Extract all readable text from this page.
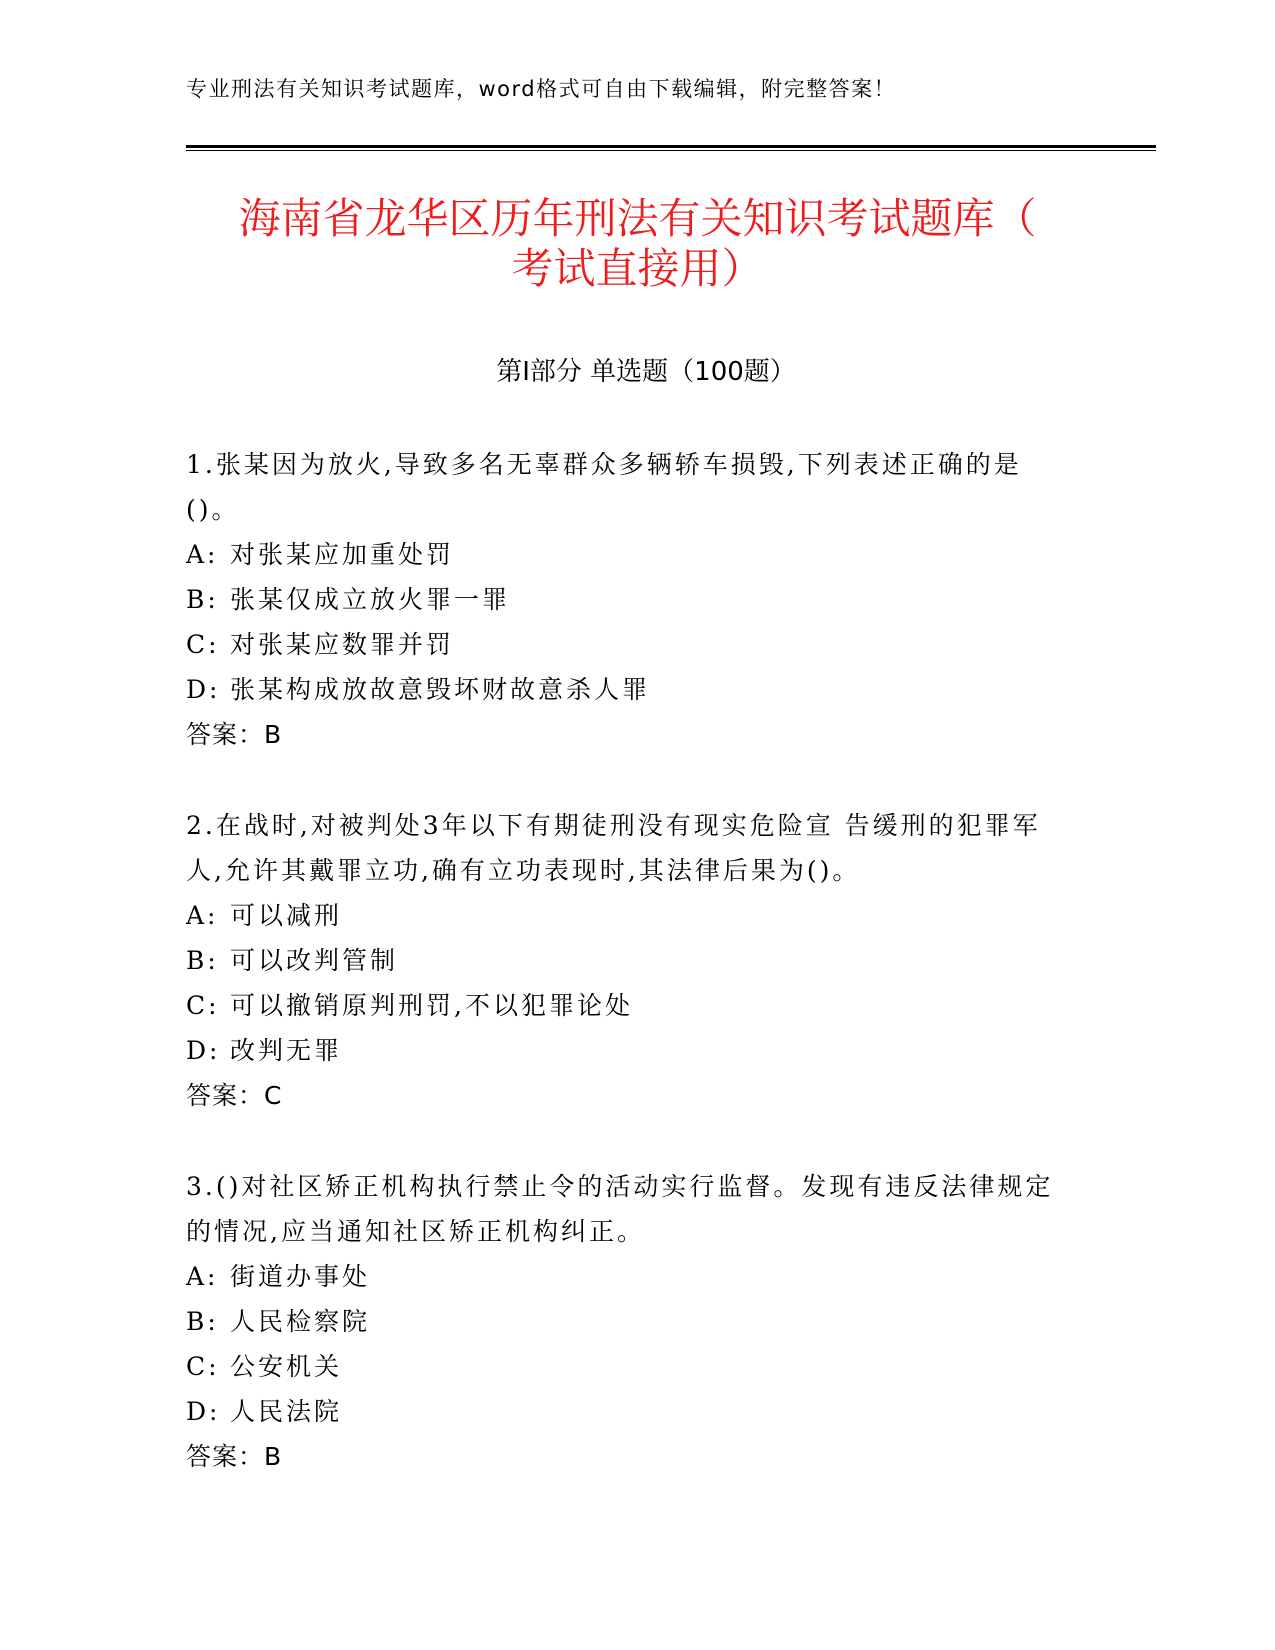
专业刑法有关知识考试题库，word格式可自由下载编辑，附完整答案！
海南省龙华区历年刑法有关知识考试题库（
考试直接用）
第Ⅰ部分 单选题（100题）

1.张某因为放火,导致多名无辜群众多辆轿车损毁,下列表述正确的是()。

A: 对张某应加重处罚
B: 张某仅成立放火罪一罪
C: 对张某应数罪并罚
D: 张某构成放故意毁坏财故意杀人罪
答案：B

2.在战时,对被判处3年以下有期徒刑没有现实危险宣 告缓刑的犯罪军人,允许其戴罪立功,确有立功表现时,其法律后果为()。

A: 可以减刑
B: 可以改判管制
C: 可以撤销原判刑罚,不以犯罪论处
D: 改判无罪
答案：C

3.()对社区矫正机构执行禁止令的活动实行监督。发现有违反法律规定的情况,应当通知社区矫正机构纠正。

A: 街道办事处
B: 人民检察院
C: 公安机关
D: 人民法院
答案：B
